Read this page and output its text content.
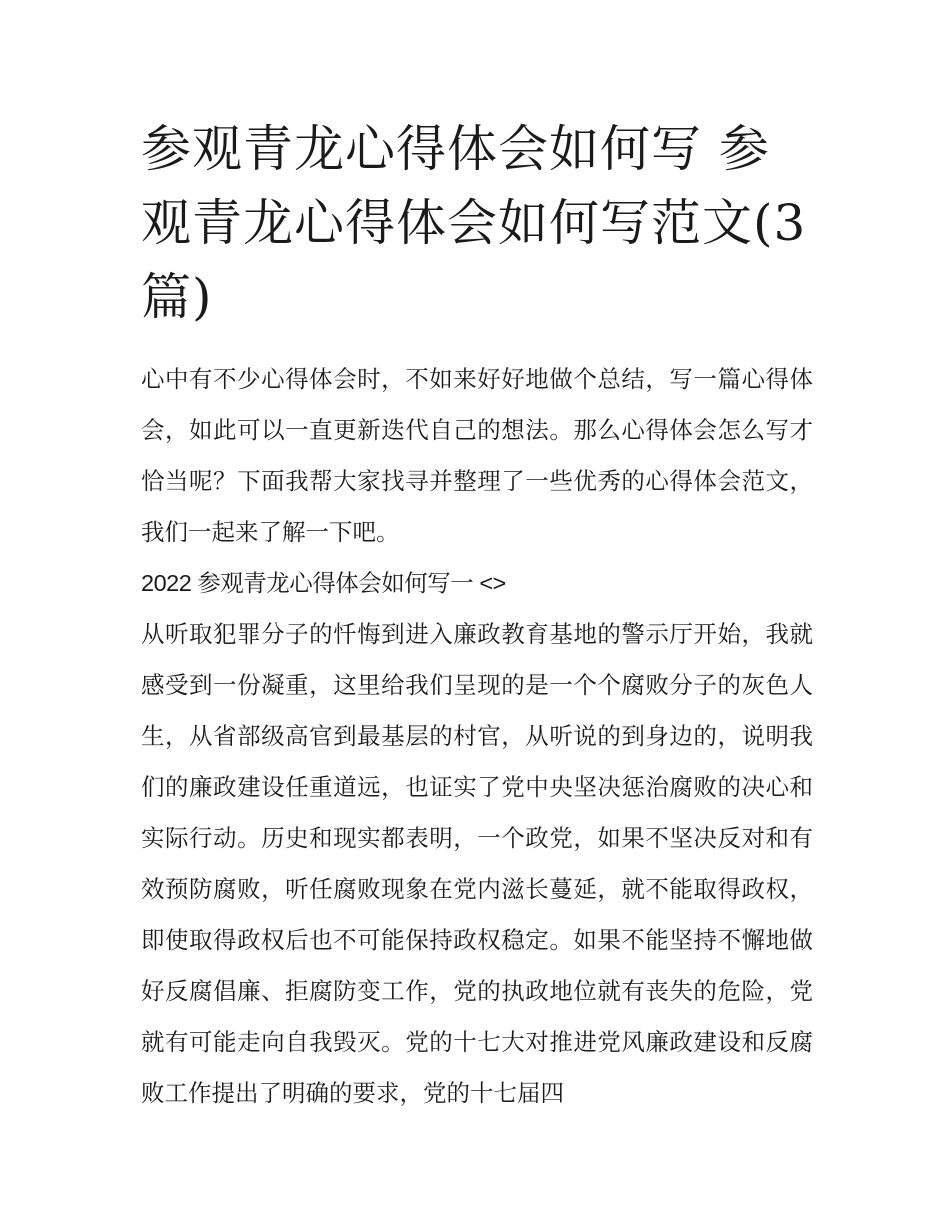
参观青龙心得体会如何写 参观青龙心得体会如何写范文(3篇)

心中有不少心得体会时，不如来好好地做个总结，写一篇心得体会，如此可以一直更新迭代自己的想法。那么心得体会怎么写才恰当呢？下面我帮大家找寻并整理了一些优秀的心得体会范文，我们一起来了解一下吧。

2022 参观青龙心得体会如何写一 <>

从听取犯罪分子的忏悔到进入廉政教育基地的警示厅开始，我就感受到一份凝重，这里给我们呈现的是一个个腐败分子的灰色人生，从省部级高官到最基层的村官，从听说的到身边的，说明我们的廉政建设任重道远，也证实了党中央坚决惩治腐败的决心和实际行动。历史和现实都表明，一个政党，如果不坚决反对和有效预防腐败，听任腐败现象在党内滋长蔓延，就不能取得政权，即使取得政权后也不可能保持政权稳定。如果不能坚持不懈地做好反腐倡廉、拒腐防变工作，党的执政地位就有丧失的危险，党就有可能走向自我毁灭。党的十七大对推进党风廉政建设和反腐败工作提出了明确的要求，党的十七届四
